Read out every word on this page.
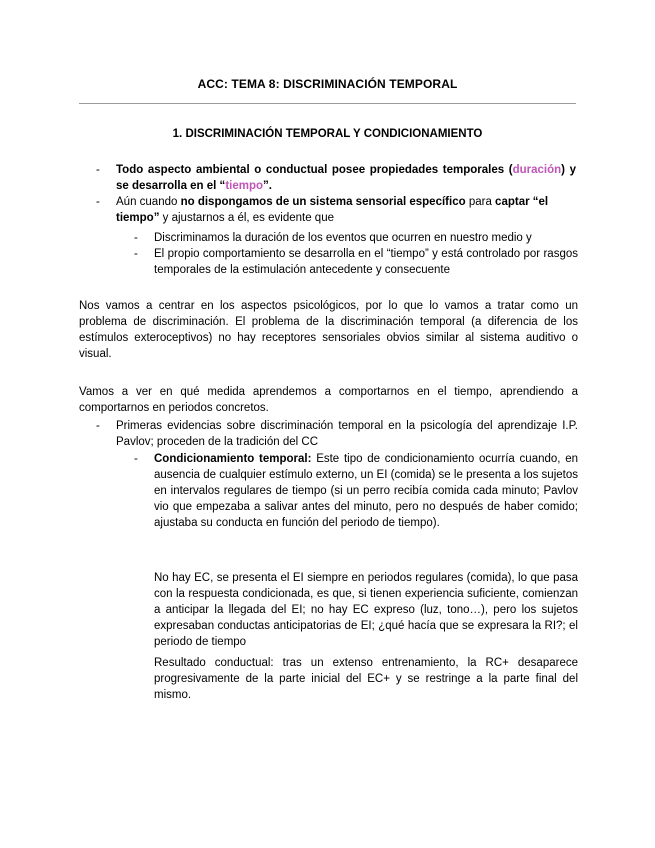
ACC: TEMA 8: DISCRIMINACIÓN TEMPORAL
1. DISCRIMINACIÓN TEMPORAL Y CONDICIONAMIENTO
- Todo aspecto ambiental o conductual posee propiedades temporales (duración) y se desarrolla en el “tiempo”.
- Aún cuando no dispongamos de un sistema sensorial específico para captar “el tiempo” y ajustarnos a él, es evidente que
- Discriminamos la duración de los eventos que ocurren en nuestro medio y
- El propio comportamiento se desarrolla en el “tiempo” y está controlado por rasgos temporales de la estimulación antecedente y consecuente
Nos vamos a centrar en los aspectos psicológicos, por lo que lo vamos a tratar como un problema de discriminación. El problema de la discriminación temporal (a diferencia de los estímulos exteroceptivos) no hay receptores sensoriales obvios similar al sistema auditivo o visual.
Vamos a ver en qué medida aprendemos a comportarnos en el tiempo, aprendiendo a comportarnos en periodos concretos.
- Primeras evidencias sobre discriminación temporal en la psicología del aprendizaje I.P. Pavlov; proceden de la tradición del CC
- Condicionamiento temporal: Este tipo de condicionamiento ocurría cuando, en ausencia de cualquier estímulo externo, un EI (comida) se le presenta a los sujetos en intervalos regulares de tiempo (si un perro recibía comida cada minuto; Pavlov vio que empezaba a salivar antes del minuto, pero no después de haber comido; ajustaba su conducta en función del periodo de tiempo).
No hay EC, se presenta el EI siempre en periodos regulares (comida), lo que pasa con la respuesta condicionada, es que, si tienen experiencia suficiente, comienzan a anticipar la llegada del EI; no hay EC expreso (luz, tono…), pero los sujetos expresaban conductas anticipatorias de EI; ¿qué hacía que se expresara la RI?; el periodo de tiempo
Resultado conductual: tras un extenso entrenamiento, la RC+ desaparece progresivamente de la parte inicial del EC+ y se restringe a la parte final del mismo.
